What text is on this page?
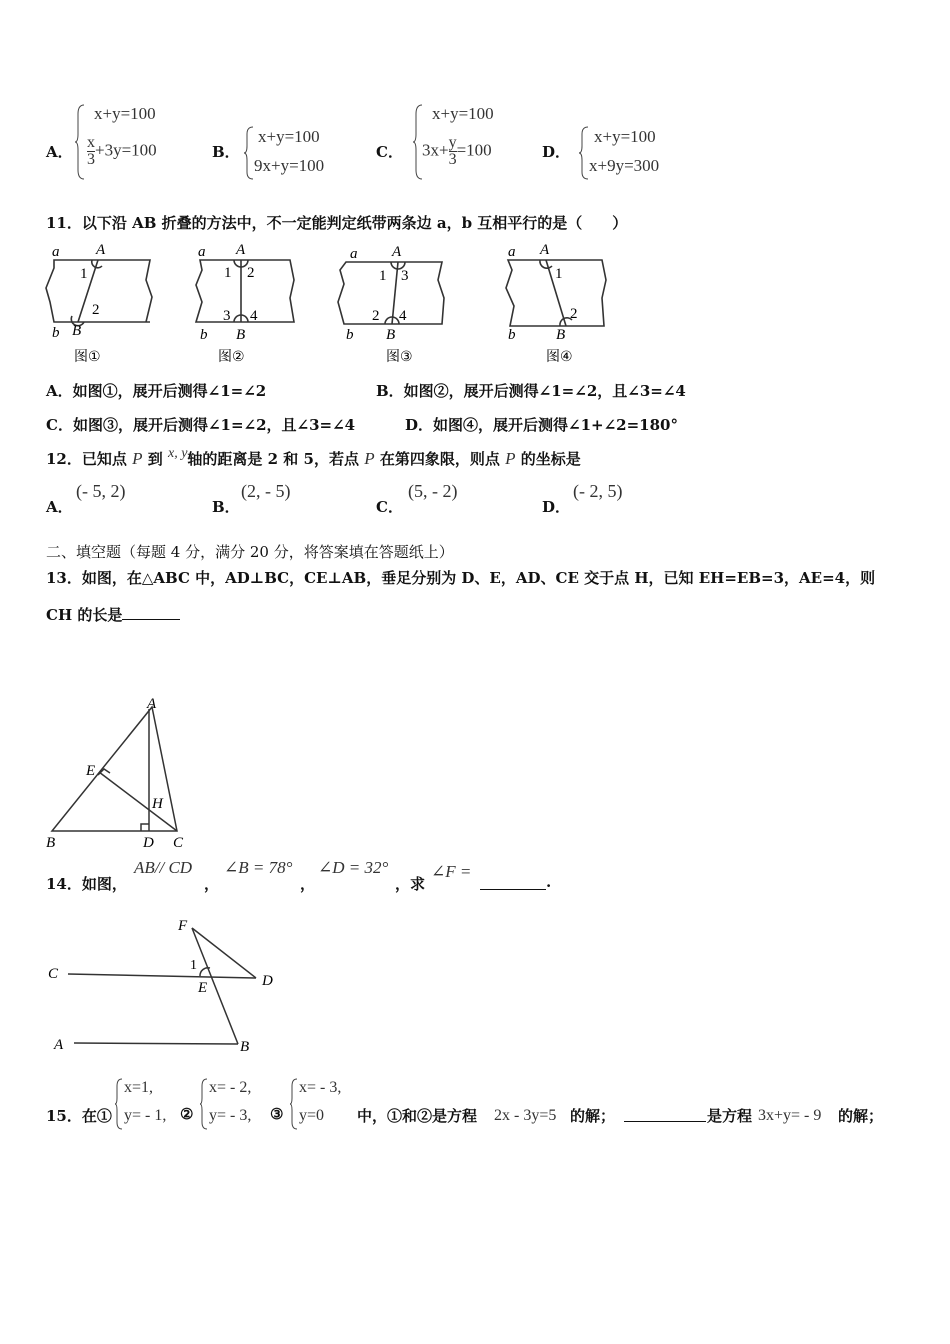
A．
x+y=100
$\frac{x}{3} +3y=100$	B．
x+y=100
9x+y=100
C．
x+y=100
$3x+\frac{y}{3} =100$	D．
x+y=100
x+9y=300
11．以下沿 AB 折叠的方法中，不一定能判定纸带两条边 a，b 互相平行的是（　　）
a A
1
2
b B
图①
a A
1 2
3 4
b B
图②
a A
1 3
2 4
b B
图③
a A
1
2
b	B
图④
A．如图①，展开后测得∠1=∠2	B．如图②，展开后测得∠1=∠2，且∠3=∠4
C．如图③，展开后测得∠1=∠2，且∠3=∠4	D．如图④，展开后测得∠1+∠2=180°
12．已知点 P 到 x, y轴的距离是 2 和 5，若点 P 在第四象限，则点 P 的坐标是
A．
(- 5, 2)
B．
(2, - 5)
C．
(5, - 2)
D．
(- 2, 5)
二、填空题（每题 4 分，满分 20 分，将答案填在答题纸上）
13．如图，在△ABC 中，AD⊥BC，CE⊥AB，垂足分别为 D、E，AD、CE 交于点 H，已知 EH=EB=3，AE=4，则
CH 的长是
A
B	C
D
E
H
14．如图，
AB// CD
，
∠B = 78°
，
∠D = 32°
，求
∠F =
.
F
C	D
E
1
A	B
15．在①
x=1,
y= - 1, ②
x= - 2,
y= - 3, ③
x= - 3,
y=0 中，①和②是方程 2x - 3y=5 的解；	是方程 3x+y= - 9 的解；
